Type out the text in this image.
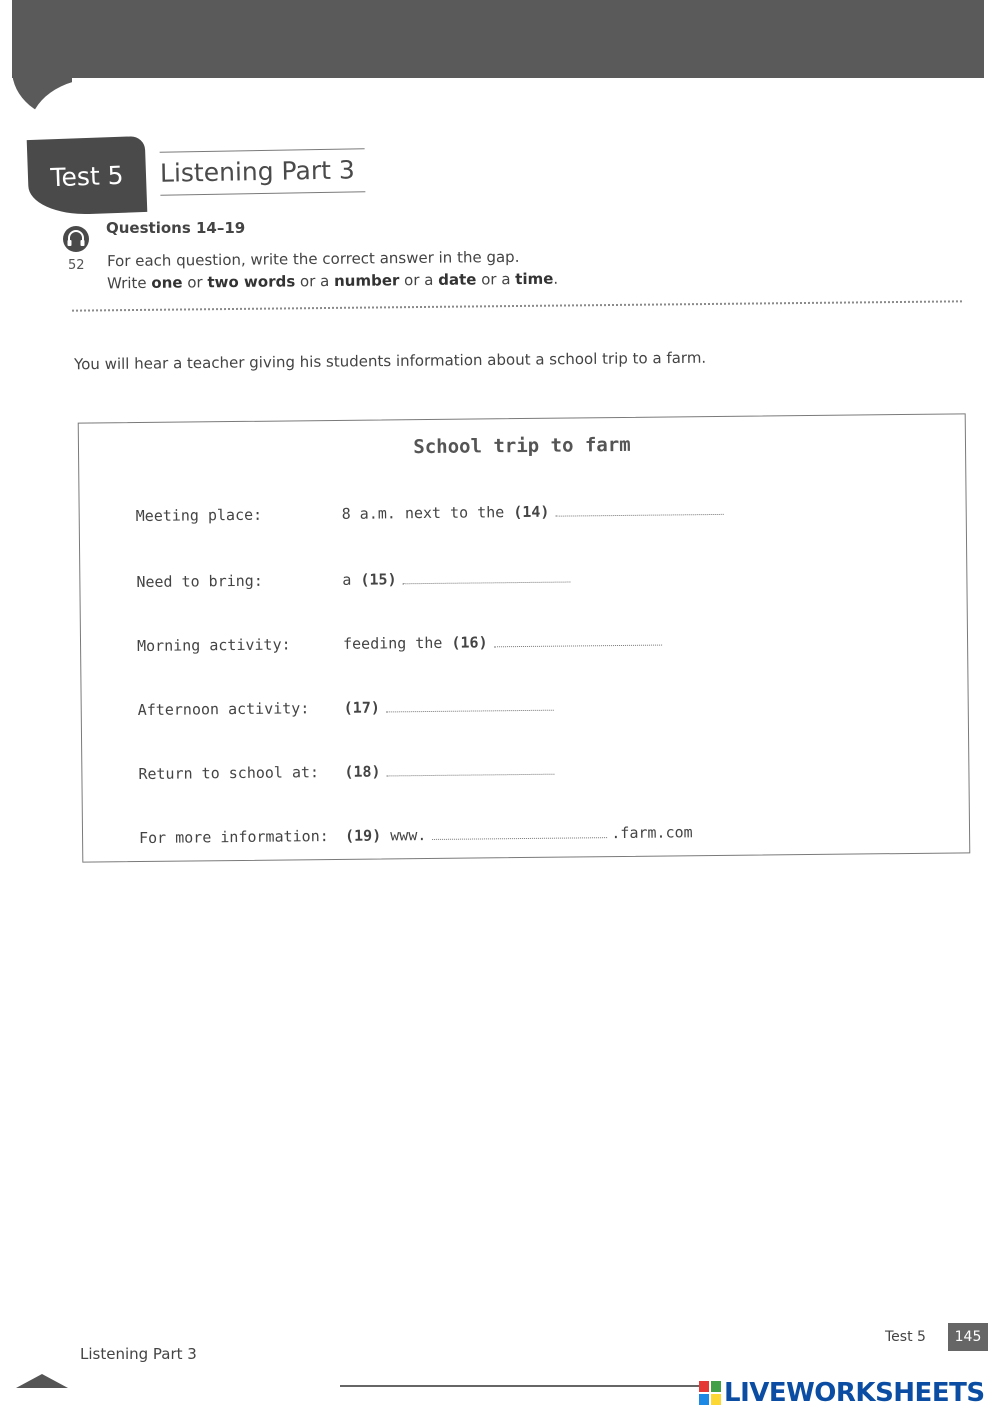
Test 5 Listening Part 3
52
Questions 14–19
For each question, write the correct answer in the gap.
Write one or two words or a number or a date or a time.
You will hear a teacher giving his students information about a school trip to a farm.
School trip to farm
Meeting place:	8 a.m. next to the (14)
Need to bring:	a (15)
Morning activity:	feeding the (16)
Afternoon activity: (17)
Return to school at: (18)
For more information: (19) www.	.farm.com
Listening Part 3
Test 5	145
LIVEWORKSHEETS
